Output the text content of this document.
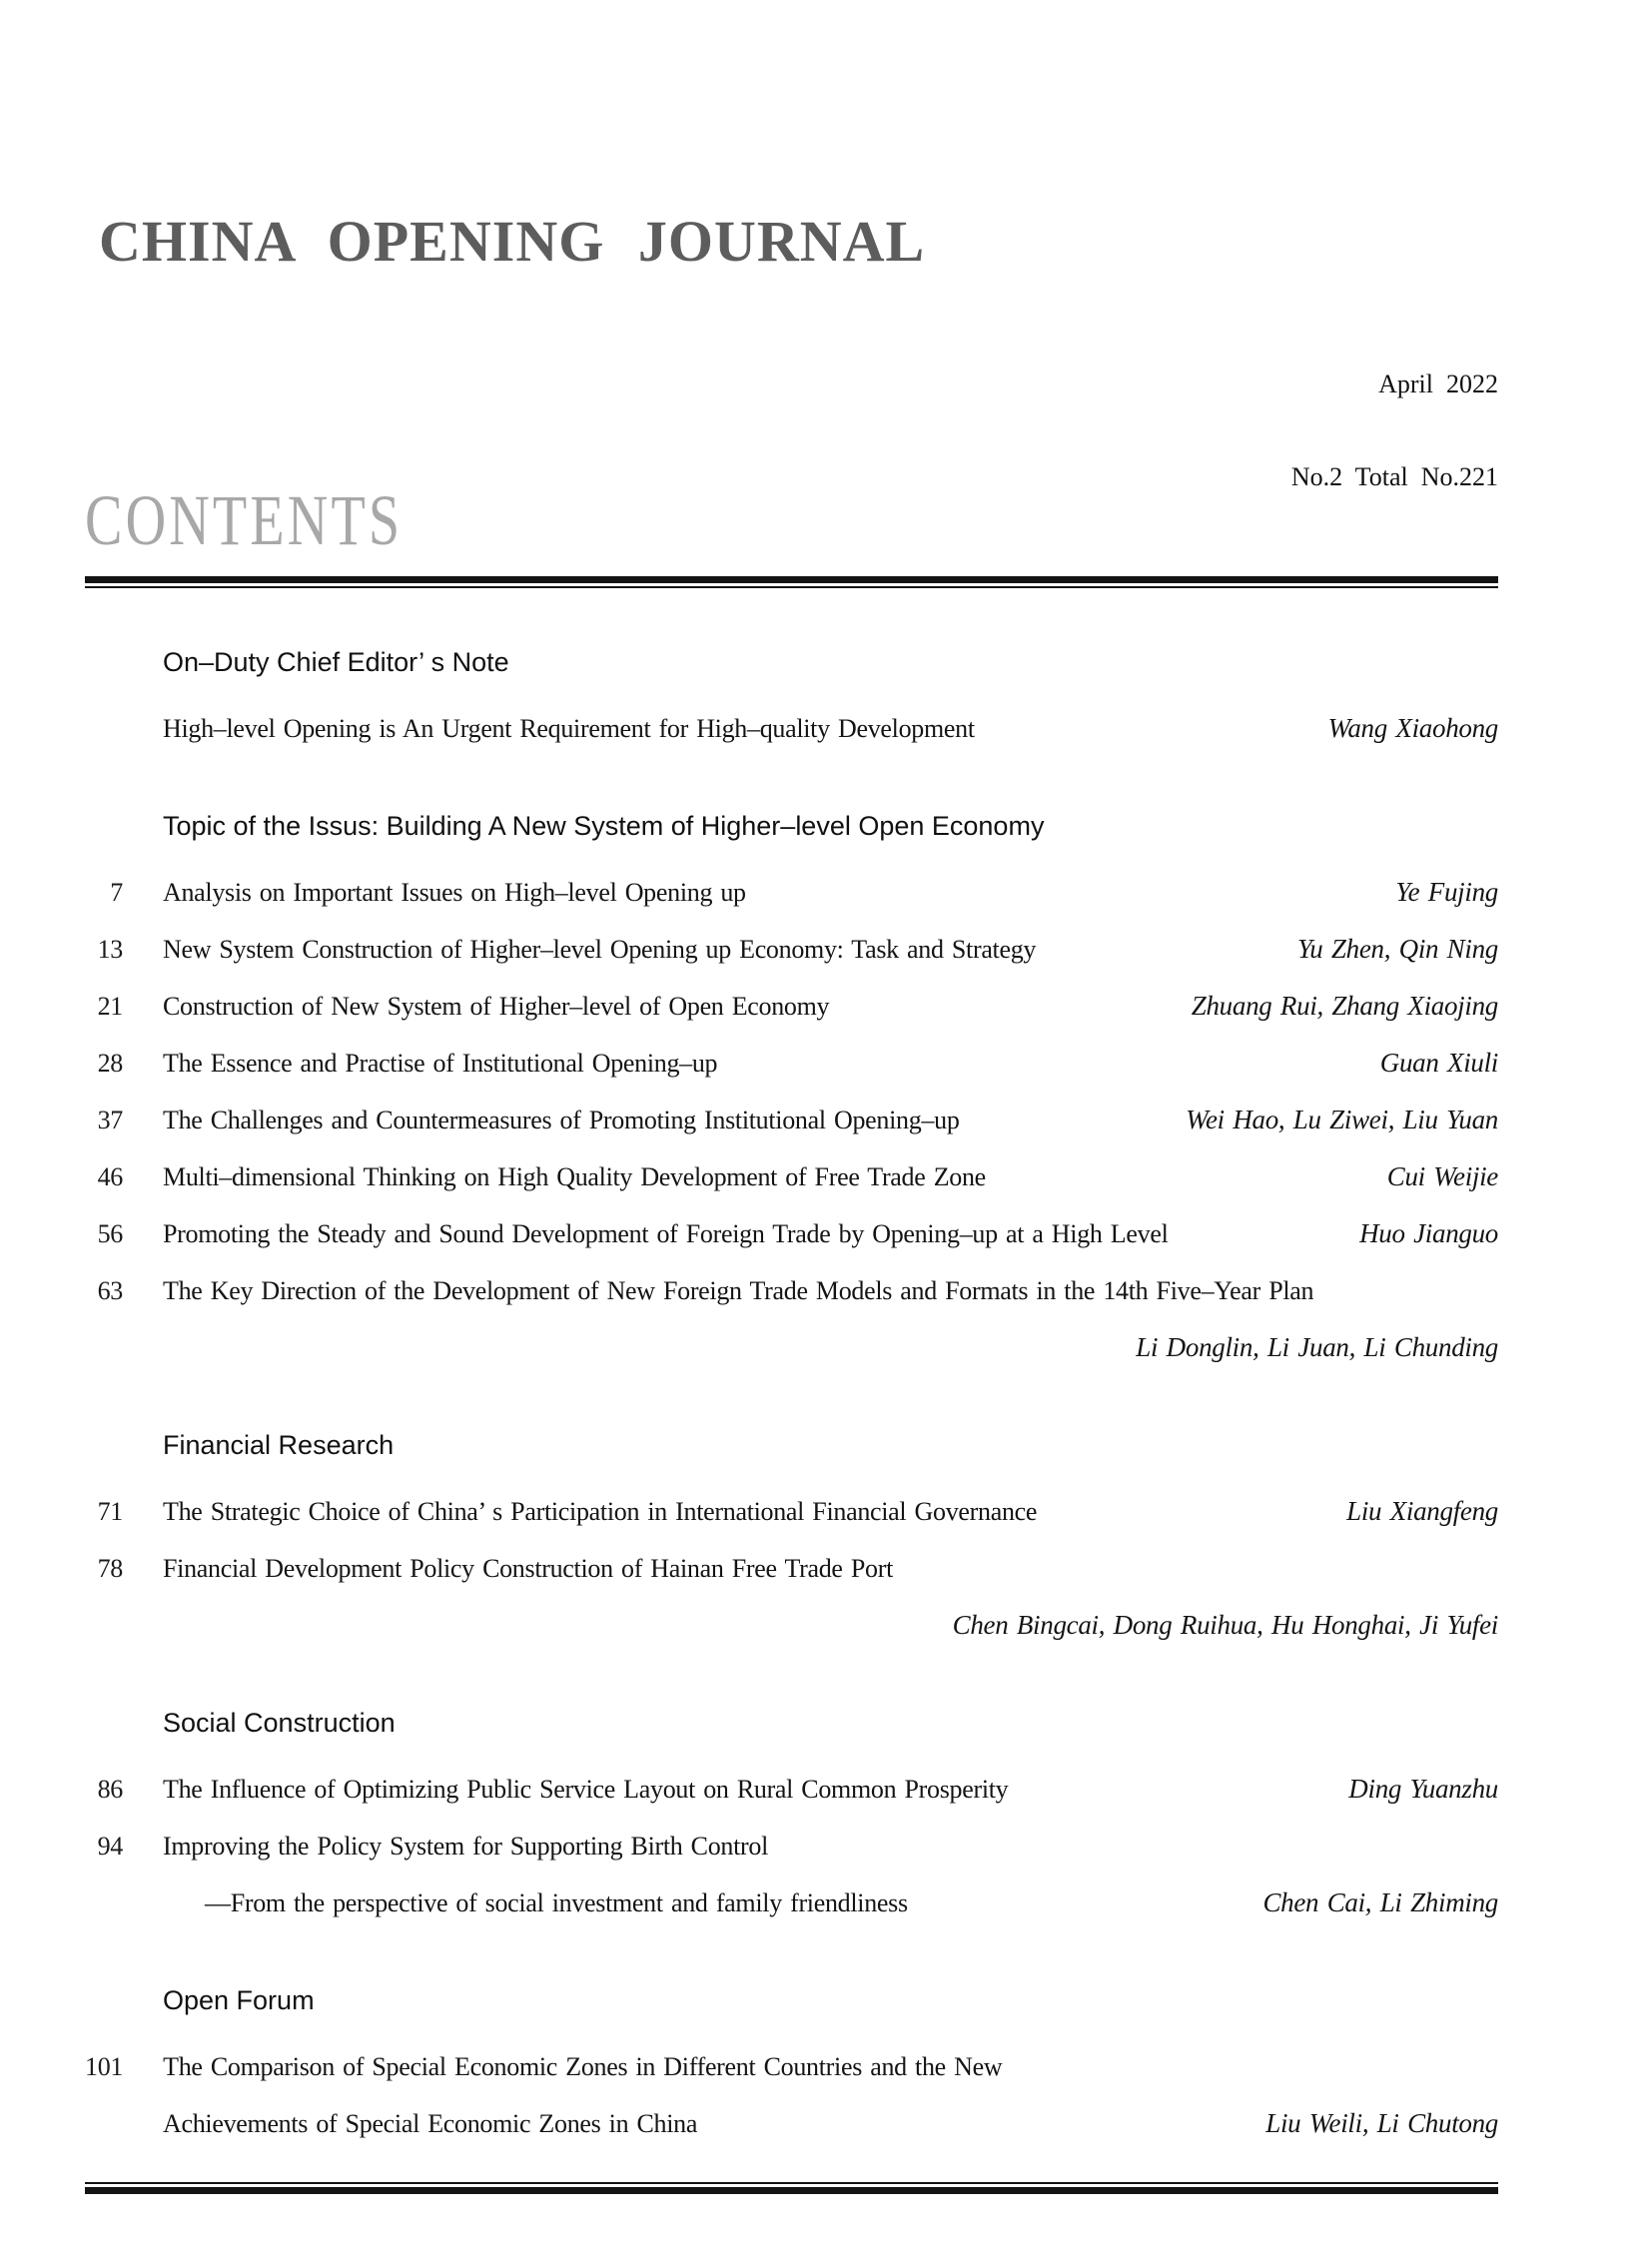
CHINA OPENING JOURNAL
CONTENTS

April  2022

No.2  Total  No.221

On–Duty Chief Editor’ s Note
High–level Opening is An Urgent Requirement for High–quality Development	Wang Xiaohong
Topic of the Issus: Building A New System of Higher–level Open Economy
7	Analysis on Important Issues on High–level Opening up	Ye Fujing
13	New System Construction of Higher–level Opening up Economy: Task and Strategy	Yu Zhen, Qin Ning
21	Construction of New System of Higher–level of Open Economy	Zhuang Rui, Zhang Xiaojing
28	The Essence and Practise of Institutional Opening–up	Guan Xiuli
37	The Challenges and Countermeasures of Promoting Institutional Opening–up	Wei Hao, Lu Ziwei, Liu Yuan
46	Multi–dimensional Thinking on High Quality Development of Free Trade Zone	Cui Weijie
56	Promoting the Steady and Sound Development of Foreign Trade by Opening–up at a High Level	Huo Jianguo
63	The Key Direction of the Development of New Foreign Trade Models and Formats in the 14th Five–Year Plan
Li Donglin, Li Juan, Li Chunding
Financial Research
71	The Strategic Choice of China’ s Participation in International Financial Governance	Liu Xiangfeng
78	Financial Development Policy Construction of Hainan Free Trade Port
Chen Bingcai, Dong Ruihua, Hu Honghai, Ji Yufei
Social Construction
86	The Influence of Optimizing Public Service Layout on Rural Common Prosperity	Ding Yuanzhu
94	Improving the Policy System for Supporting Birth Control
—From the perspective of social investment and family friendliness	Chen Cai, Li Zhiming
Open Forum
101	The Comparison of Special Economic Zones in Different Countries and the New
Achievements of Special Economic Zones in China	Liu Weili, Li Chutong
